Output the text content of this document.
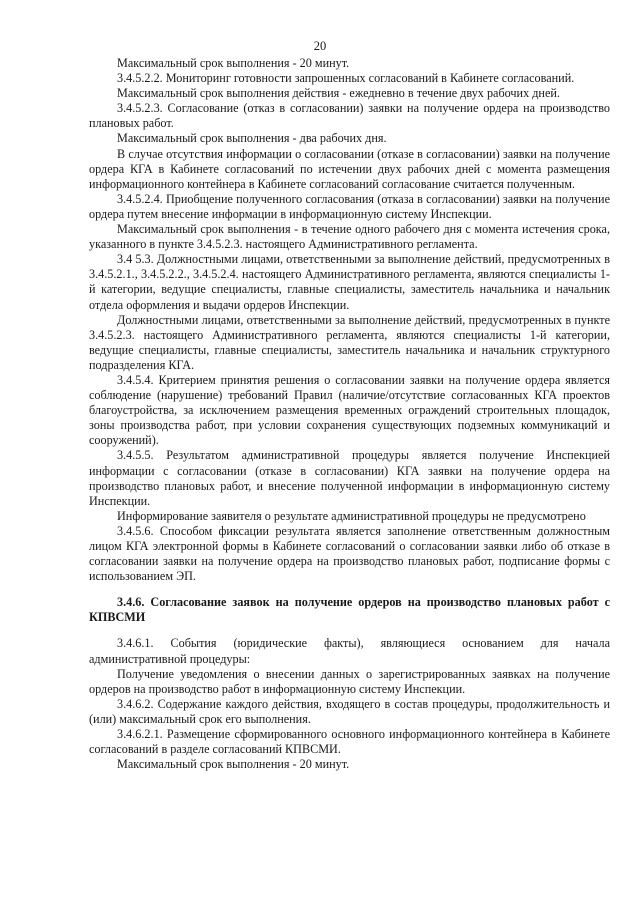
20

Максимальный срок выполнения - 20 минут.

3.4.5.2.2. Мониторинг готовности запрошенных согласований в Кабинете согласований.

Максимальный срок выполнения действия - ежедневно в течение двух рабочих дней.

3.4.5.2.3. Согласование (отказ в согласовании) заявки на получение ордера на производство плановых работ.

Максимальный срок выполнения - два рабочих дня.

В случае отсутствия информации о согласовании (отказе в согласовании) заявки на получение ордера КГА в Кабинете согласований по истечении двух рабочих дней с момента размещения информационного контейнера в Кабинете согласований согласование считается полученным.

3.4.5.2.4. Приобщение полученного согласования (отказа в согласовании) заявки на получение ордера путем внесение информации в информационную систему Инспекции.

Максимальный срок выполнения - в течение одного рабочего дня с момента истечения срока, указанного в пункте 3.4.5.2.3. настоящего Административного регламента.

3.4 5.3. Должностными лицами, ответственными за выполнение действий, предусмотренных в 3.4.5.2.1., 3.4.5.2.2., 3.4.5.2.4. настоящего Административного регламента, являются специалисты 1-й категории, ведущие специалисты, главные специалисты, заместитель начальника и начальник отдела оформления и выдачи ордеров Инспекции.

Должностными лицами, ответственными за выполнение действий, предусмотренных в пункте 3.4.5.2.3. настоящего Административного регламента, являются специалисты 1-й категории, ведущие специалисты, главные специалисты, заместитель начальника и начальник структурного подразделения КГА.

3.4.5.4. Критерием принятия решения о согласовании заявки на получение ордера является соблюдение (нарушение) требований Правил (наличие/отсутствие согласованных КГА проектов благоустройства, за исключением размещения временных ограждений строительных площадок, зоны производства работ, при условии сохранения существующих подземных коммуникаций и сооружений).

3.4.5.5. Результатом административной процедуры является получение Инспекцией информации с согласовании (отказе в согласовании) КГА заявки на получение ордера на производство плановых работ, и внесение полученной информации в информационную систему Инспекции.

Информирование заявителя о результате административной процедуры не предусмотрено

3.4.5.6. Способом фиксации результата является заполнение ответственным должностным лицом КГА электронной формы в Кабинете согласований о согласовании заявки либо об отказе в согласовании заявки на получение ордера на производство плановых работ, подписание формы с использованием ЭП.

3.4.6. Согласование заявок на получение ордеров на производство плановых работ с КПВСМИ

3.4.6.1. События (юридические факты), являющиеся основанием для начала административной процедуры:

Получение уведомления о внесении данных о зарегистрированных заявках на получение ордеров на производство работ в информационную систему Инспекции.

3.4.6.2. Содержание каждого действия, входящего в состав процедуры, продолжительность и (или) максимальный срок его выполнения.

3.4.6.2.1. Размещение сформированного основного информационного контейнера в Кабинете согласований в разделе согласований КПВСМИ.

Максимальный срок выполнения - 20 минут.
